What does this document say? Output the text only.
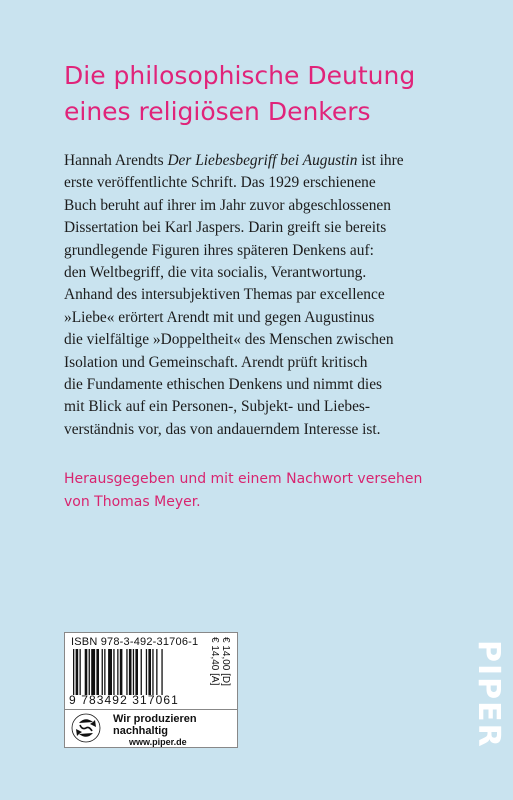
Die philosophische Deutung
eines religiösen Denkers
Hannah Arendts Der Liebesbegriff bei Augustin ist ihre
erste veröffentlichte Schrift. Das 1929 erschienene
Buch beruht auf ihrer im Jahr zuvor abgeschlossenen
Dissertation bei Karl Jaspers. Darin greift sie bereits
grundlegende Figuren ihres späteren Denkens auf:
den Weltbegriff, die vita socialis, Verantwortung.
Anhand des intersubjektiven Themas par excellence
»Liebe« erörtert Arendt mit und gegen Augustinus
die vielfältige »Doppeltheit« des Menschen zwischen
Isolation und Gemeinschaft. Arendt prüft kritisch
die Fundamente ethischen Denkens und nimmt dies
mit Blick auf ein Personen-, Subjekt- und Liebes-
verständnis vor, das von andauerndem Interesse ist.
Herausgegeben und mit einem Nachwort versehen
von Thomas Meyer.
ISBN 978-3-492-31706-1
9 783492 317061
€ 14,00 [D]
€ 14,40 [A]
Wir produzieren
nachhaltig
www.piper.de	PIPER
